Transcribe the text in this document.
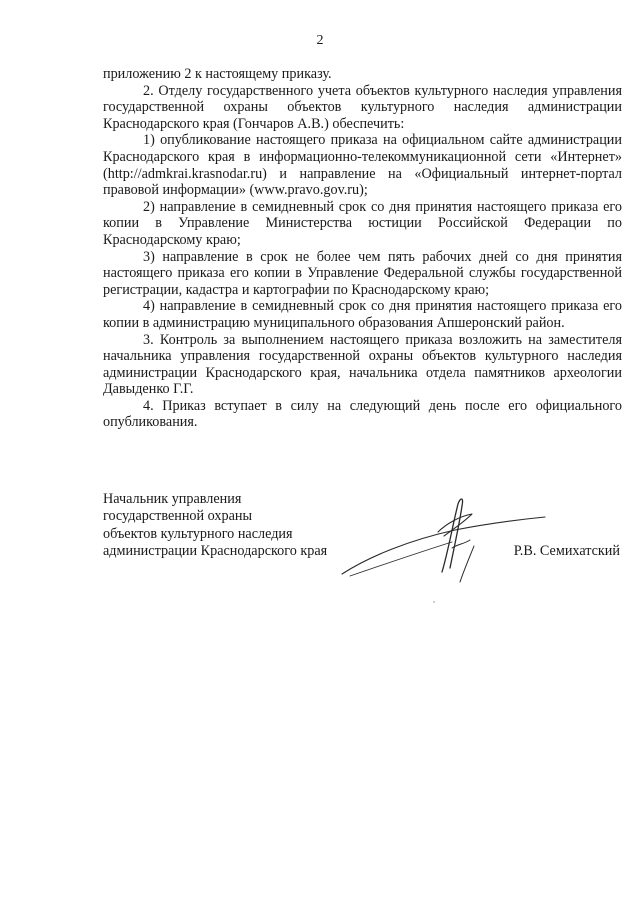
2

приложению 2 к настоящему приказу.

2. Отделу государственного учета объектов культурного наследия управления государственной охраны объектов культурного наследия администрации Краснодарского края (Гончаров А.В.) обеспечить:

1) опубликование настоящего приказа на официальном сайте администрации Краснодарского края в информационно-телекоммуникационной сети «Интернет» (http://admkrai.krasnodar.ru) и направление на «Официальный интернет-портал правовой информации» (www.pravo.gov.ru);

2) направление в семидневный срок со дня принятия настоящего приказа его копии в Управление Министерства юстиции Российской Федерации по Краснодарскому краю;

3) направление в срок не более чем пять рабочих дней со дня принятия настоящего приказа его копии в Управление Федеральной службы государственной регистрации, кадастра и картографии по Краснодарскому краю;

4) направление в семидневный срок со дня принятия настоящего приказа его копии в администрацию муниципального образования Апшеронский район.

3. Контроль за выполнением настоящего приказа возложить на заместителя начальника управления государственной охраны объектов культурного наследия администрации Краснодарского края, начальника отдела памятников археологии Давыденко Г.Г.

4. Приказ вступает в силу на следующий день после его официального опубликования.

Начальник управления
государственной охраны
объектов культурного наследия
администрации Краснодарского края	Р.В. Семихатский
